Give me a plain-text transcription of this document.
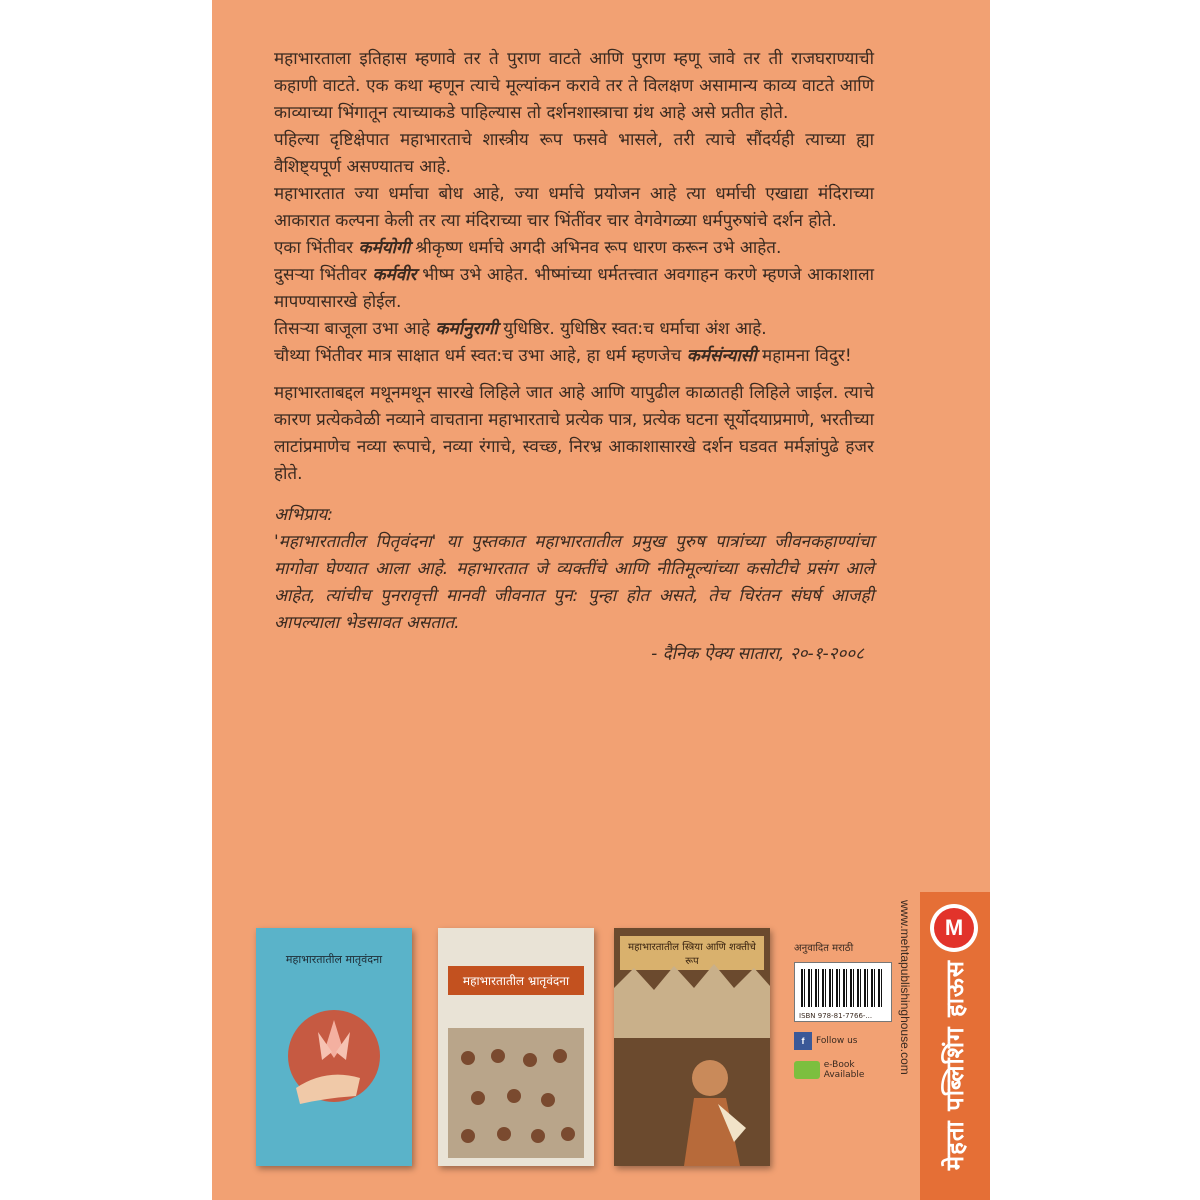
महाभारताला इतिहास म्हणावे तर ते पुराण वाटते आणि पुराण म्हणू जावे तर ती राजघराण्याची कहाणी वाटते. एक कथा म्हणून त्याचे मूल्यांकन करावे तर ते विलक्षण असामान्य काव्य वाटते आणि काव्याच्या भिंगातून त्याच्याकडे पाहिल्यास तो दर्शनशास्त्राचा ग्रंथ आहे असे प्रतीत होते.

पहिल्या दृष्टिक्षेपात महाभारताचे शास्त्रीय रूप फसवे भासले, तरी त्याचे सौंदर्यही त्याच्या ह्या वैशिष्ट्यपूर्ण असण्यातच आहे.

महाभारतात ज्या धर्माचा बोध आहे, ज्या धर्माचे प्रयोजन आहे त्या धर्माची एखाद्या मंदिराच्या आकारात कल्पना केली तर त्या मंदिराच्या चार भिंतींवर चार वेगवेगळ्या धर्मपुरुषांचे दर्शन होते.

एका भिंतीवर कर्मयोगी श्रीकृष्ण धर्माचे अगदी अभिनव रूप धारण करून उभे आहेत.

दुसऱ्या भिंतीवर कर्मवीर भीष्म उभे आहेत. भीष्मांच्या धर्मतत्त्वात अवगाहन करणे म्हणजे आकाशाला मापण्यासारखे होईल.

तिसऱ्या बाजूला उभा आहे कर्मानुरागी युधिष्ठिर. युधिष्ठिर स्वत:च धर्माचा अंश आहे.

चौथ्या भिंतीवर मात्र साक्षात धर्म स्वत:च उभा आहे, हा धर्म म्हणजेच कर्मसंन्यासी महामना विदुर!

महाभारताबद्दल मथूनमथून सारखे लिहिले जात आहे आणि यापुढील काळातही लिहिले जाईल. त्याचे कारण प्रत्येकवेळी नव्याने वाचताना महाभारताचे प्रत्येक पात्र, प्रत्येक घटना सूर्योदयाप्रमाणे, भरतीच्या लाटांप्रमाणेच नव्या रूपाचे, नव्या रंगाचे, स्वच्छ, निरभ्र आकाशासारखे दर्शन घडवत मर्मज्ञांपुढे हजर होते.

अभिप्राय:

'महाभारतातील पितृवंदना' या पुस्तकात महाभारतातील प्रमुख पुरुष पात्रांच्या जीवनकहाण्यांचा मागोवा घेण्यात आला आहे. महाभारतात जे व्यक्तींचे आणि नीतिमूल्यांच्या कसोटीचे प्रसंग आले आहेत, त्यांचीच पुनरावृत्ती मानवी जीवनात पुन: पुन्हा होत असते, तेच चिरंतन संघर्ष आजही आपल्याला भेडसावत असतात.

- दैनिक ऐक्य सातारा, २०-१-२००८
महाभारतातील मातृवंदना
महाभारतातील भ्रातृवंदना
महाभारतातील स्त्रिया आणि शक्तीचे रूप
अनुवादित मराठी
ISBN 978-81-7766-...
f	Follow us
e-Book Available
www.mehtapublishinghouse.com	M
मेहता पब्लिशिंग हाऊस
